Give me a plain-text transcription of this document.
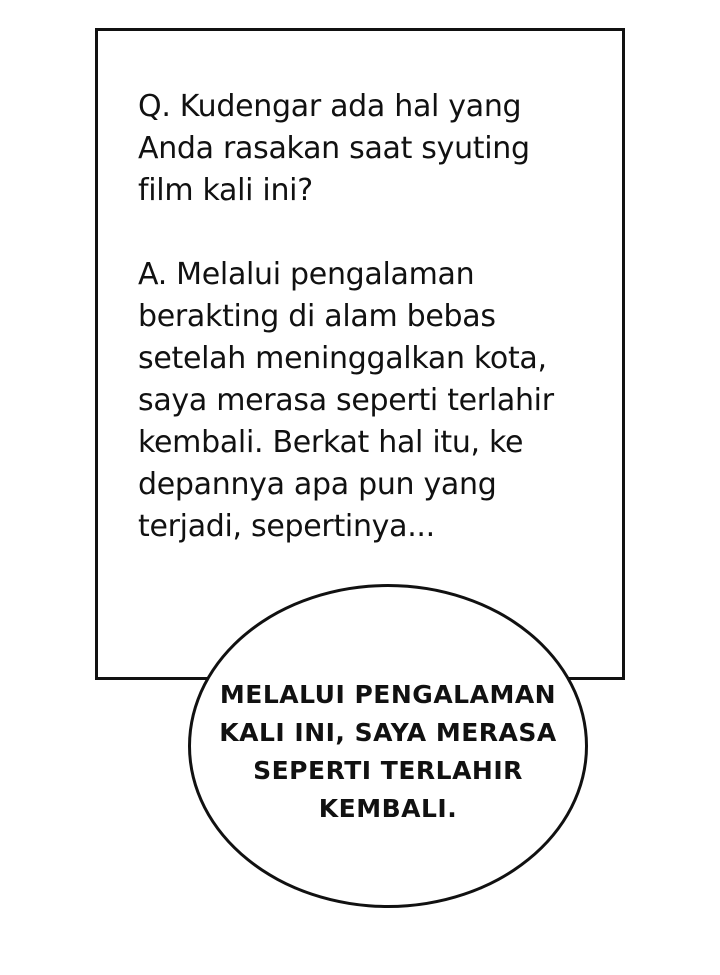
Q. Kudengar ada hal yang
Anda rasakan saat syuting
film kali ini?
A. Melalui pengalaman
berakting di alam bebas
setelah meninggalkan kota,
saya merasa seperti terlahir
kembali. Berkat hal itu, ke
depannya apa pun yang
terjadi, sepertinya...
MELALUI PENGALAMAN
KALI INI, SAYA MERASA
SEPERTI TERLAHIR
KEMBALI.
